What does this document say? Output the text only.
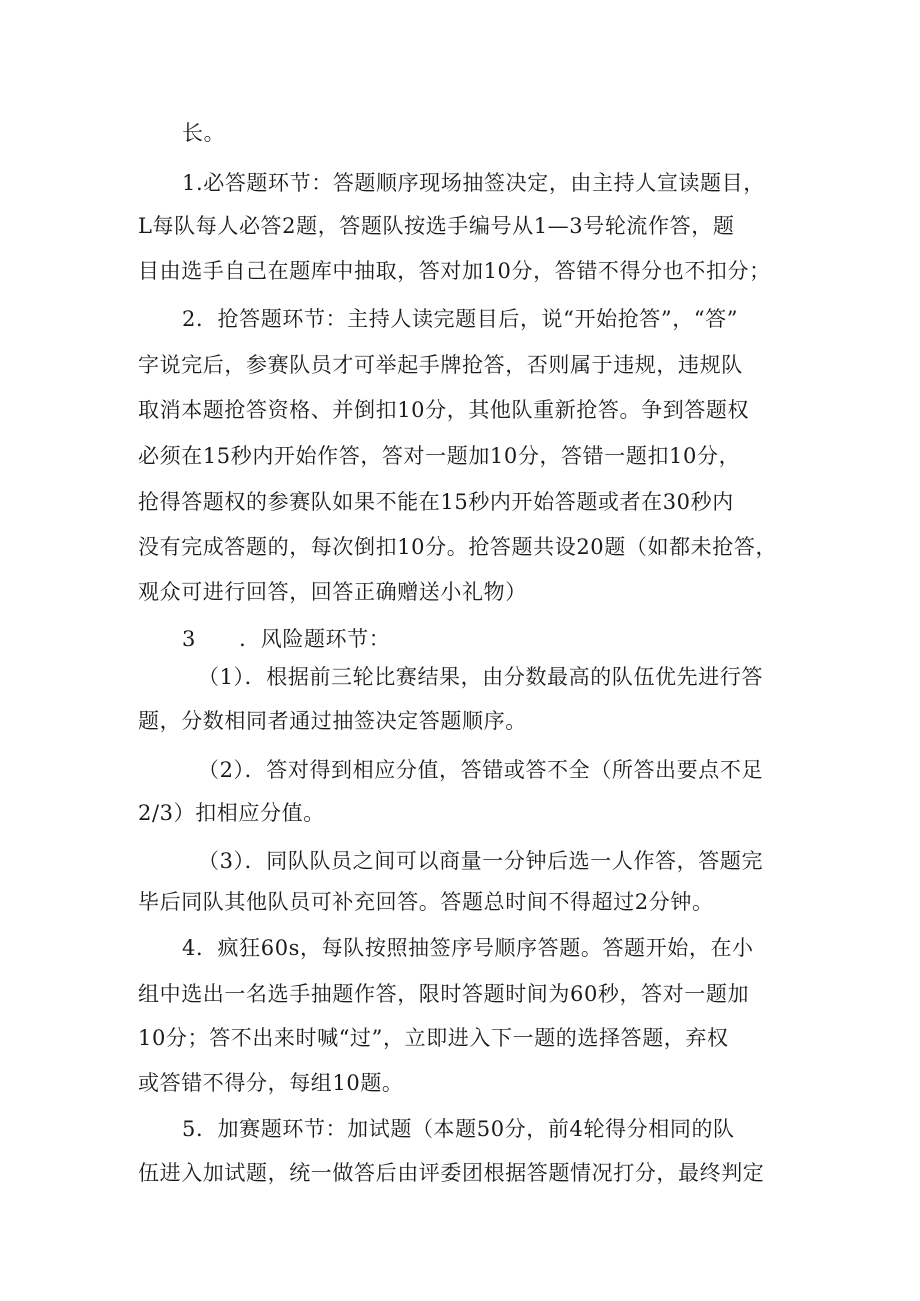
长。
1.必答题环节：答题顺序现场抽签决定，由主持人宣读题目，
L每队每人必答2题，答题队按选手编号从1—3号轮流作答，题
目由选手自己在题库中抽取，答对加10分，答错不得分也不扣分；
2．抢答题环节：主持人读完题目后，说“开始抢答”，“答”
字说完后，参赛队员才可举起手牌抢答，否则属于违规，违规队
取消本题抢答资格、并倒扣10分，其他队重新抢答。争到答题权
必须在15秒内开始作答，答对一题加10分，答错一题扣10分，
抢得答题权的参赛队如果不能在15秒内开始答题或者在30秒内
没有完成答题的，每次倒扣10分。抢答题共设20题（如都未抢答，
观众可进行回答，回答正确赠送小礼物）
3　　．风险题环节：
（1）．根据前三轮比赛结果，由分数最高的队伍优先进行答
题，分数相同者通过抽签决定答题顺序。
（2）．答对得到相应分值，答错或答不全（所答出要点不足
2/3）扣相应分值。
（3）．同队队员之间可以商量一分钟后选一人作答，答题完
毕后同队其他队员可补充回答。答题总时间不得超过2分钟。
4．疯狂60s，每队按照抽签序号顺序答题。答题开始，在小
组中选出一名选手抽题作答，限时答题时间为60秒，答对一题加
10分；答不出来时喊“过”，立即进入下一题的选择答题，弃权
或答错不得分，每组10题。
5．加赛题环节：加试题（本题50分，前4轮得分相同的队
伍进入加试题，统一做答后由评委团根据答题情况打分，最终判定
